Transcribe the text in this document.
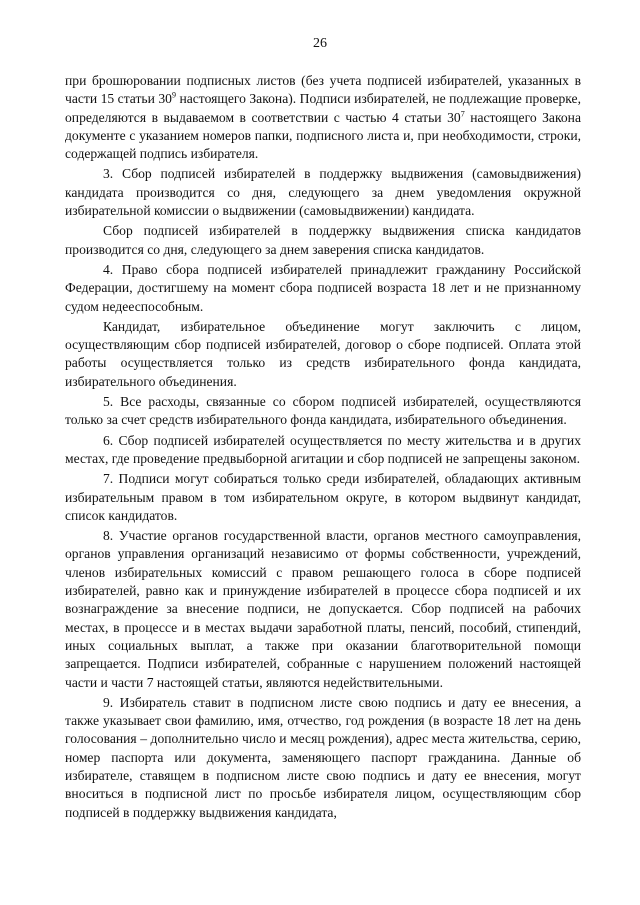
26

при брошюровании подписных листов (без учета подписей избирателей, указанных в части 15 статьи $30^9$ настоящего Закона). Подписи избирателей, не подлежащие проверке, определяются в выдаваемом в соответствии с частью 4 статьи $30^7$ настоящего Закона документе с указанием номеров папки, подписного листа и, при необходимости, строки, содержащей подпись избирателя.

3. Сбор подписей избирателей в поддержку выдвижения (самовыдвижения) кандидата производится со дня, следующего за днем уведомления окружной избирательной комиссии о выдвижении (самовыдвижении) кандидата.

Сбор подписей избирателей в поддержку выдвижения списка кандидатов производится со дня, следующего за днем заверения списка кандидатов.

4. Право сбора подписей избирателей принадлежит гражданину Российской Федерации, достигшему на момент сбора подписей возраста 18 лет и не признанному судом недееспособным.

Кандидат, избирательное объединение могут заключить с лицом, осуществляющим сбор подписей избирателей, договор о сборе подписей. Оплата этой работы осуществляется только из средств избирательного фонда кандидата, избирательного объединения.

5. Все расходы, связанные со сбором подписей избирателей, осуществляются только за счет средств избирательного фонда кандидата, избирательного объединения.

6. Сбор подписей избирателей осуществляется по месту жительства и в других местах, где проведение предвыборной агитации и сбор подписей не запрещены законом.

7. Подписи могут собираться только среди избирателей, обладающих активным избирательным правом в том избирательном округе, в котором выдвинут кандидат, список кандидатов.

8. Участие органов государственной власти, органов местного самоуправления, органов управления организаций независимо от формы собственности, учреждений, членов избирательных комиссий с правом решающего голоса в сборе подписей избирателей, равно как и принуждение избирателей в процессе сбора подписей и их вознаграждение за внесение подписи, не допускается. Сбор подписей на рабочих местах, в процессе и в местах выдачи заработной платы, пенсий, пособий, стипендий, иных социальных выплат, а также при оказании благотворительной помощи запрещается. Подписи избирателей, собранные с нарушением положений настоящей части и части 7 настоящей статьи, являются недействительными.

9. Избиратель ставит в подписном листе свою подпись и дату ее внесения, а также указывает свои фамилию, имя, отчество, год рождения (в возрасте 18 лет на день голосования – дополнительно число и месяц рождения), адрес места жительства, серию, номер паспорта или документа, заменяющего паспорт гражданина. Данные об избирателе, ставящем в подписном листе свою подпись и дату ее внесения, могут вноситься в подписной лист по просьбе избирателя лицом, осуществляющим сбор подписей в поддержку выдвижения кандидата,
